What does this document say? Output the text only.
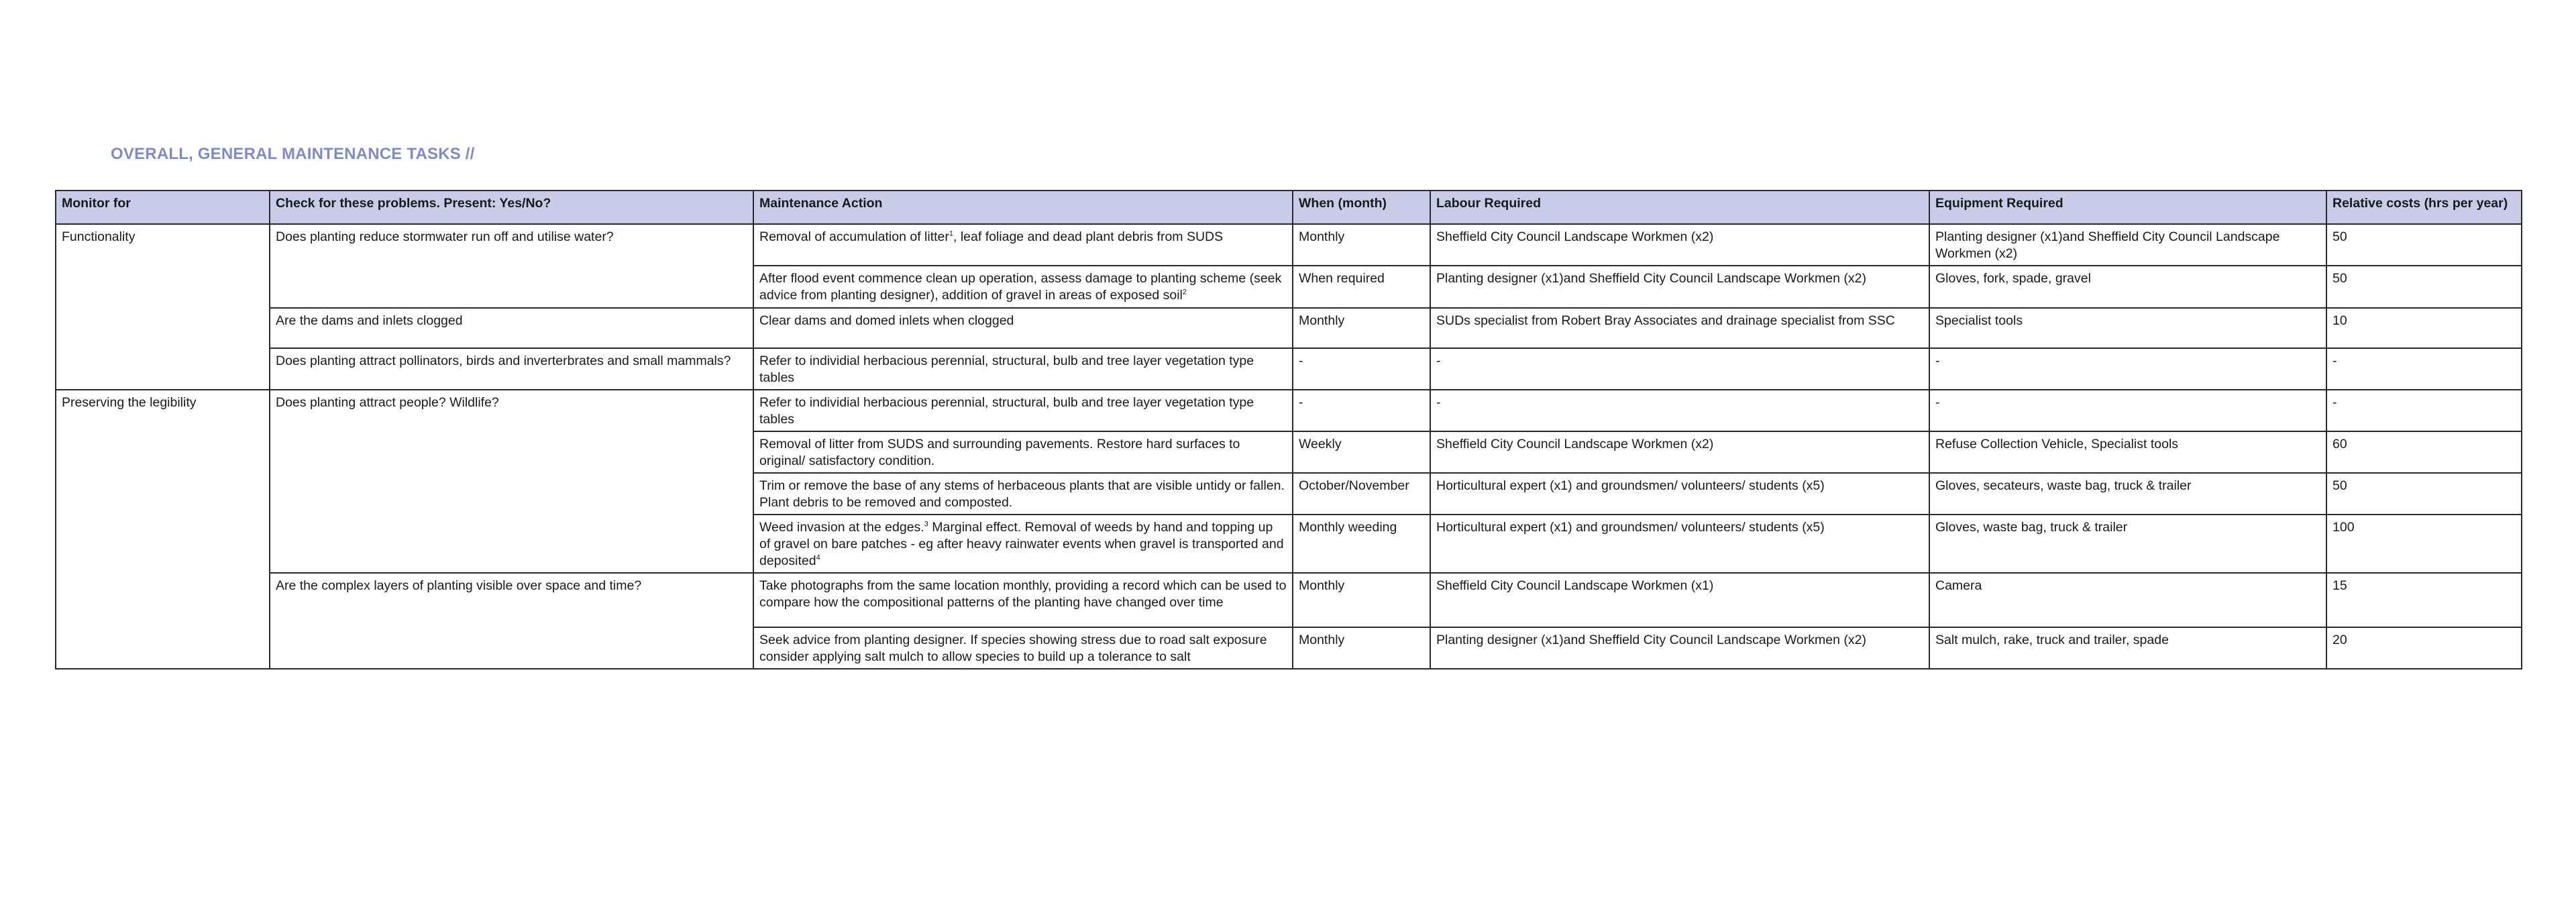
OVERALL, GENERAL MAINTENANCE TASKS //
Monitor for	Check for these problems. Present: Yes/No?	Maintenance Action	When (month)	Labour Required	Equipment Required	Relative costs (hrs per year)
Functionality	Does planting reduce stormwater run off and utilise water?	Removal of accumulation of litter$^1$, leaf foliage and dead plant debris from SUDS	Monthly	Sheffield City Council Landscape Workmen (x2)	Planting designer (x1)and Sheffield City Council Landscape Workmen (x2)	50
		After flood event commence clean up operation, assess damage to planting scheme (seek advice from planting designer), addition of gravel in areas of exposed soil$^2$	When required	Planting designer (x1)and Sheffield City Council Landscape Workmen (x2)	Gloves, fork, spade, gravel	50
	Are the dams and inlets clogged	Clear dams and domed inlets when clogged	Monthly	SUDs specialist from Robert Bray Associates and drainage specialist from SSC	Specialist tools	10
	Does planting attract pollinators, birds and inverterbrates and small mammals?	Refer to individial herbacious perennial, structural, bulb and tree layer vegetation type tables	-	-	-	-
Preserving the legibility	Does planting attract people? Wildlife?	Refer to individial herbacious perennial, structural, bulb and tree layer vegetation type tables	-	-	-	-
		Removal of litter from SUDS and surrounding pavements. Restore hard surfaces to original/ satisfactory condition.	Weekly	Sheffield City Council Landscape Workmen (x2)	Refuse Collection Vehicle, Specialist tools	60
		Trim or remove the base of any stems of herbaceous plants that are visible untidy or fallen. Plant debris to be removed and composted.	October/November	Horticultural expert (x1) and groundsmen/ volunteers/ students (x5)	Gloves, secateurs, waste bag, truck & trailer	50
		Weed invasion at the edges.$^3$ Marginal effect. Removal of weeds by hand and topping up of gravel on bare patches - eg after heavy rainwater events when gravel is transported and deposited$^4$	Monthly weeding	Horticultural expert (x1) and groundsmen/ volunteers/ students (x5)	Gloves, waste bag, truck & trailer	100
	Are the complex layers of planting visible over space and time?	Take photographs from the same location monthly, providing a record which can be used to compare how the compositional patterns of the planting have changed over time	Monthly	Sheffield City Council Landscape Workmen (x1)	Camera	15
		Seek advice from planting designer. If species showing stress due to road salt exposure consider applying salt mulch to allow species to build up a tolerance to salt	Monthly	Planting designer (x1)and Sheffield City Council Landscape Workmen (x2)	Salt mulch, rake, truck and trailer, spade	20
